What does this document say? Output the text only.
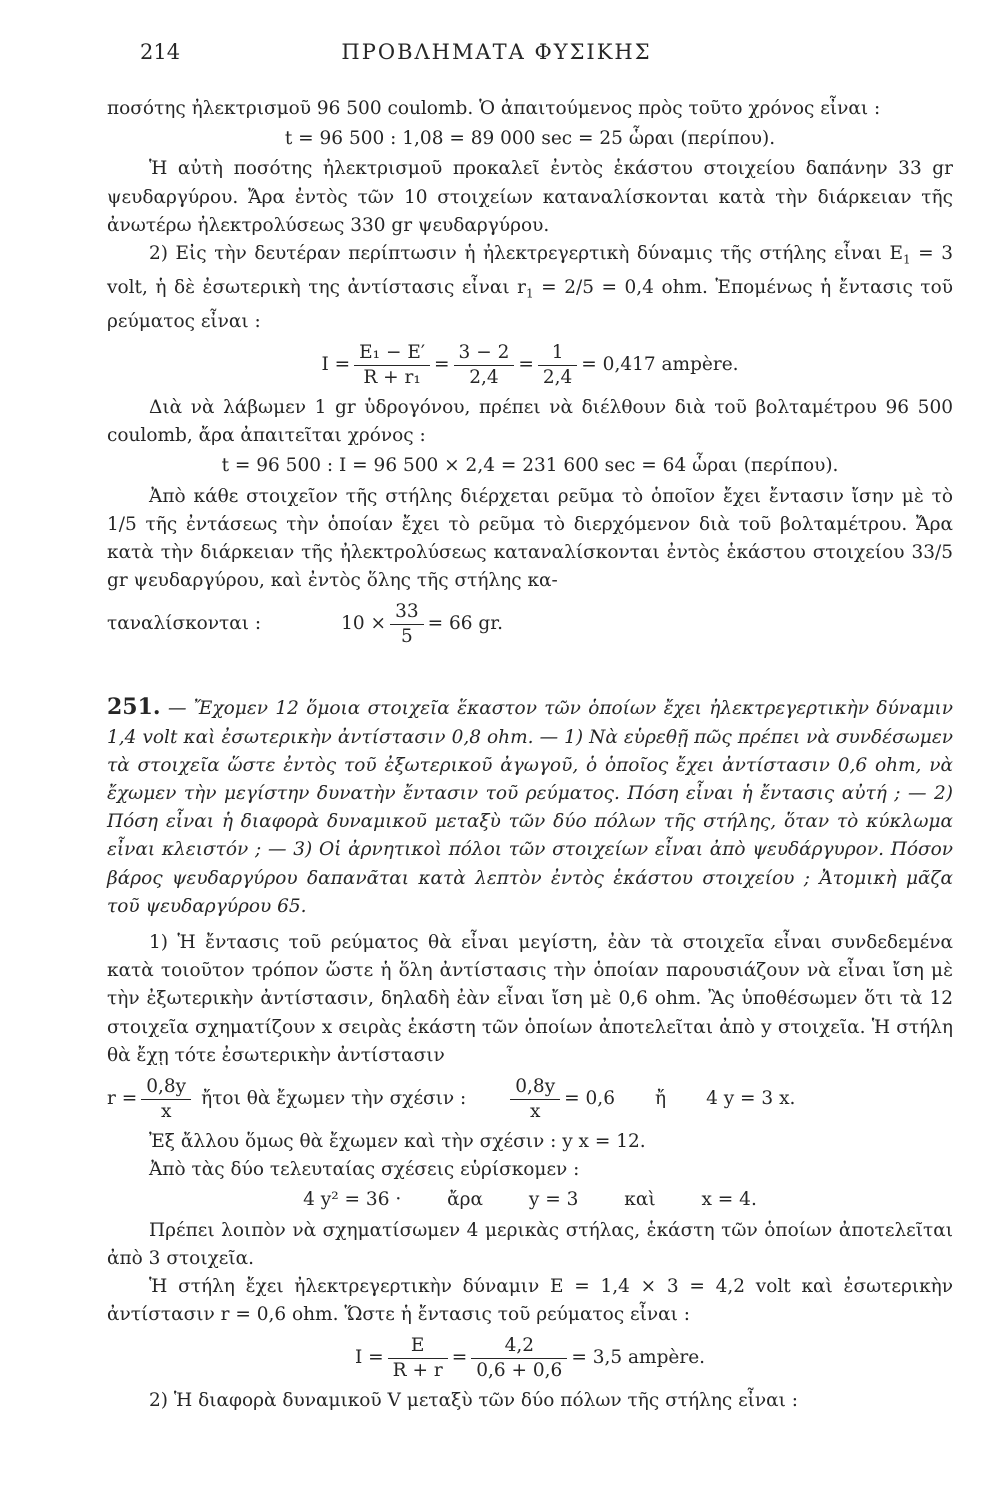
214	ΠΡΟΒΛΗΜΑΤΑ ΦΥΣΙΚΗΣ

ποσότης ἠλεκτρισμοῦ 96 500 coulomb. Ὁ ἀπαιτούμενος πρὸς τοῦτο χρόνος εἶναι :

t = 96 500 : 1,08 = 89 000 sec = 25 ὧραι (περίπου).

Ἡ αὐτὴ ποσότης ἠλεκτρισμοῦ προκαλεῖ ἐντὸς ἑκάστου στοιχείου δαπάνην 33 gr ψευδαργύρου. Ἄρα ἐντὸς τῶν 10 στοιχείων καταναλίσκονται κατὰ τὴν διάρκειαν τῆς ἀνωτέρω ἠλεκτρολύσεως 330 gr ψευδαργύρου.

2) Εἰς τὴν δευτέραν περίπτωσιν ἡ ἠλεκτρεγερτικὴ δύναμις τῆς στήλης εἶναι $E_1 = 3$ volt, ἡ δὲ ἐσωτερικὴ της ἀντίστασις εἶναι $r_1 = 2/5 = 0,4$ ohm. Ἑπομένως ἡ ἔντασις τοῦ ρεύματος εἶναι :

$I = \frac{\text{E₁ − E′}}{\text{R + r₁}} = \frac{3 - 2}{2,4} = \frac{1}{2,4} = 0,417$ ampère.

Διὰ νὰ λάβωμεν 1 gr ὑδρογόνου, πρέπει νὰ διέλθουν διὰ τοῦ βολταμέτρου 96 500 coulomb, ἄρα ἀπαιτεῖται χρόνος :

t = 96 500 : I = 96 500 × 2,4 = 231 600 sec = 64 ὧραι (περίπου).

Ἀπὸ κάθε στοιχεῖον τῆς στήλης διέρχεται ρεῦμα τὸ ὁποῖον ἔχει ἔντασιν ἴσην μὲ τὸ 1/5 τῆς ἐντάσεως τὴν ὁποίαν ἔχει τὸ ρεῦμα τὸ διερχόμενον διὰ τοῦ βολταμέτρου. Ἄρα κατὰ τὴν διάρκειαν τῆς ἠλεκτρολύσεως καταναλίσκονται ἐντὸς ἑκάστου στοιχείου 33/5 gr ψευδαργύρου, καὶ ἐντὸς ὅλης τῆς στήλης κα-

ταναλίσκονται :	$10 \times \frac{33}{5} = 66$ gr.

251. — Ἔχομεν 12 ὅμοια στοιχεῖα ἕκαστον τῶν ὁποίων ἔχει ἠλεκτρεγερτικὴν δύναμιν 1,4 volt καὶ ἐσωτερικὴν ἀντίστασιν 0,8 ohm. — 1) Νὰ εὑρεθῇ πῶς πρέπει νὰ συνδέσωμεν τὰ στοιχεῖα ὥστε ἐντὸς τοῦ ἐξωτερικοῦ ἀγωγοῦ, ὁ ὁποῖος ἔχει ἀντίστασιν 0,6 ohm, νὰ ἔχωμεν τὴν μεγίστην δυνατὴν ἔντασιν τοῦ ρεύματος. Πόση εἶναι ἡ ἔντασις αὐτή ; — 2) Πόση εἶναι ἡ διαφορὰ δυναμικοῦ μεταξὺ τῶν δύο πόλων τῆς στήλης, ὅταν τὸ κύκλωμα εἶναι κλειστόν ; — 3) Οἱ ἀρνητικοὶ πόλοι τῶν στοιχείων εἶναι ἀπὸ ψευδάργυρον. Πόσον βάρος ψευδαργύρου δαπανᾶται κατὰ λεπτὸν ἐντὸς ἑκάστου στοιχείου ; Ἀτομικὴ μᾶζα τοῦ ψευδαργύρου 65.

1) Ἡ ἔντασις τοῦ ρεύματος θὰ εἶναι μεγίστη, ἐὰν τὰ στοιχεῖα εἶναι συνδεδεμένα κατὰ τοιοῦτον τρόπον ὥστε ἡ ὅλη ἀντίστασις τὴν ὁποίαν παρουσιάζουν νὰ εἶναι ἴση μὲ τὴν ἐξωτερικὴν ἀντίστασιν, δηλαδὴ ἐὰν εἶναι ἴση μὲ 0,6 ohm. Ἂς ὑποθέσωμεν ὅτι τὰ 12 στοιχεῖα σχηματίζουν x σειρὰς ἑκάστη τῶν ὁποίων ἀποτελεῖται ἀπὸ y στοιχεῖα. Ἡ στήλη θὰ ἔχῃ τότε ἐσωτερικὴν ἀντίστασιν

$r = \frac{0,8y}{x}$ ἤτοι θὰ ἔχωμεν τὴν σχέσιν : $\frac{0,8y}{x} = 0,6$ ἤ 4 y = 3 x.

Ἐξ ἄλλου ὅμως θὰ ἔχωμεν καὶ τὴν σχέσιν : y x = 12.

Ἀπὸ τὰς δύο τελευταίας σχέσεις εὑρίσκομεν :

4 y² = 36 · ἄρα y = 3 καὶ x = 4.

Πρέπει λοιπὸν νὰ σχηματίσωμεν 4 μερικὰς στήλας, ἑκάστη τῶν ὁποίων ἀποτελεῖται ἀπὸ 3 στοιχεῖα.

Ἡ στήλη ἔχει ἠλεκτρεγερτικὴν δύναμιν E = 1,4 × 3 = 4,2 volt καὶ ἐσωτερικὴν ἀντίστασιν r = 0,6 ohm. Ὥστε ἡ ἔντασις τοῦ ρεύματος εἶναι :

$I = \frac{E}{R + r} = \frac{4,2}{0,6 + 0,6} = 3,5$ ampère.

2) Ἡ διαφορὰ δυναμικοῦ V μεταξὺ τῶν δύο πόλων τῆς στήλης εἶναι :
